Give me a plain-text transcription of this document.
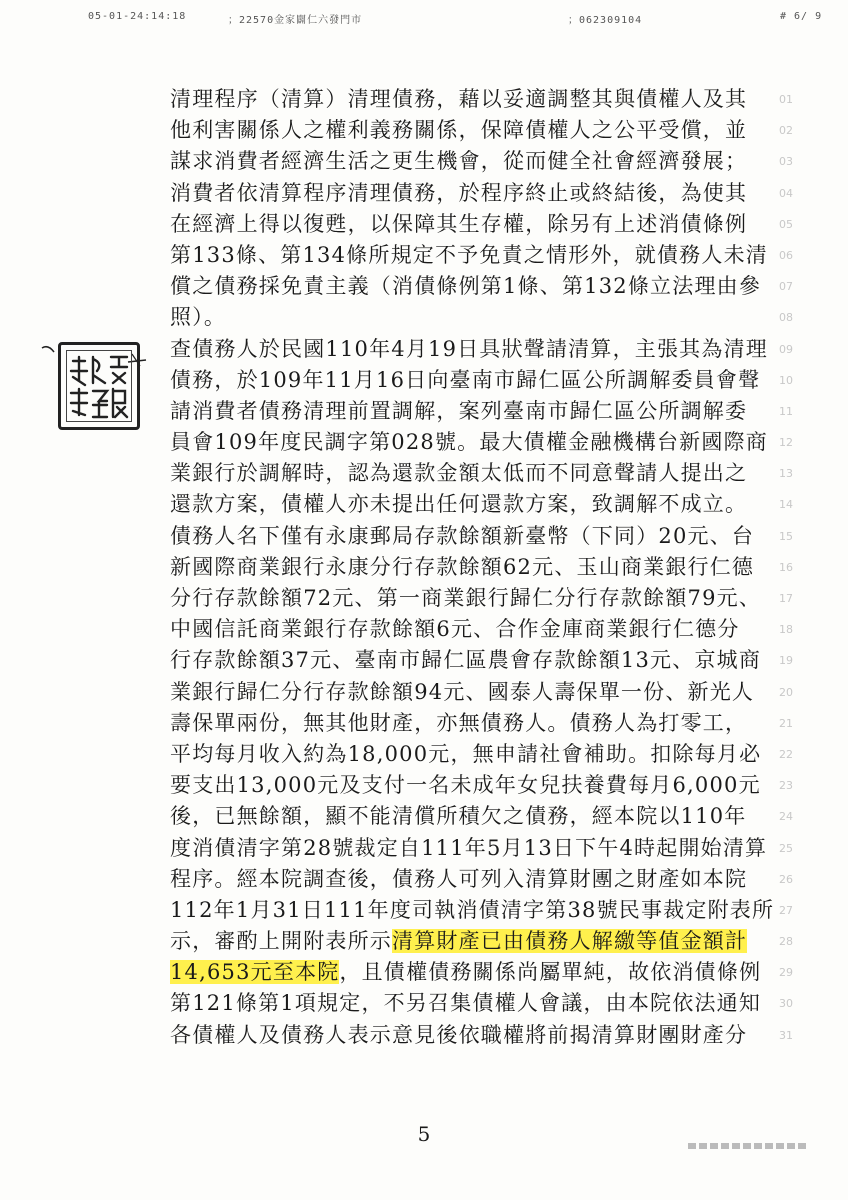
05-01-24:14:18	；22570金家闢仁六發門市	；062309104	# 6/ 9
清理程序（清算）清理債務，藉以妥適調整其與債權人及其
他利害關係人之權利義務關係，保障債權人之公平受償，並
謀求消費者經濟生活之更生機會，從而健全社會經濟發展；
消費者依清算程序清理債務，於程序終止或終結後，為使其
在經濟上得以復甦，以保障其生存權，除另有上述消債條例
第133條、第134條所規定不予免責之情形外，就債務人未清
償之債務採免責主義（消債條例第1條、第132條立法理由參
照）。
查債務人於民國110年4月19日具狀聲請清算，主張其為清理
債務，於109年11月16日向臺南市歸仁區公所調解委員會聲
請消費者債務清理前置調解，案列臺南市歸仁區公所調解委
員會109年度民調字第028號。最大債權金融機構台新國際商
業銀行於調解時，認為還款金額太低而不同意聲請人提出之
還款方案，債權人亦未提出任何還款方案，致調解不成立。
債務人名下僅有永康郵局存款餘額新臺幣（下同）20元、台
新國際商業銀行永康分行存款餘額62元、玉山商業銀行仁德
分行存款餘額72元、第一商業銀行歸仁分行存款餘額79元、
中國信託商業銀行存款餘額6元、合作金庫商業銀行仁德分
行存款餘額37元、臺南市歸仁區農會存款餘額13元、京城商
業銀行歸仁分行存款餘額94元、國泰人壽保單一份、新光人
壽保單兩份，無其他財產，亦無債務人。債務人為打零工，
平均每月收入約為18,000元，無申請社會補助。扣除每月必
要支出13,000元及支付一名未成年女兒扶養費每月6,000元
後，已無餘額，顯不能清償所積欠之債務，經本院以110年
度消債清字第28號裁定自111年5月13日下午4時起開始清算
程序。經本院調查後，債務人可列入清算財團之財產如本院
112年1月31日111年度司執消債清字第38號民事裁定附表所
示，審酌上開附表所示清算財產已由債務人解繳等值金額計
14,653元至本院，且債權債務關係尚屬單純，故依消債條例
第121條第1項規定，不另召集債權人會議，由本院依法通知
各債權人及債務人表示意見後依職權將前揭清算財團財產分
01
02
03
04
05
06
07
08
09
10
11
12
13
14
15
16
17
18
19
20
21
22
23
24
25
26
27
28
29
30
31
5
